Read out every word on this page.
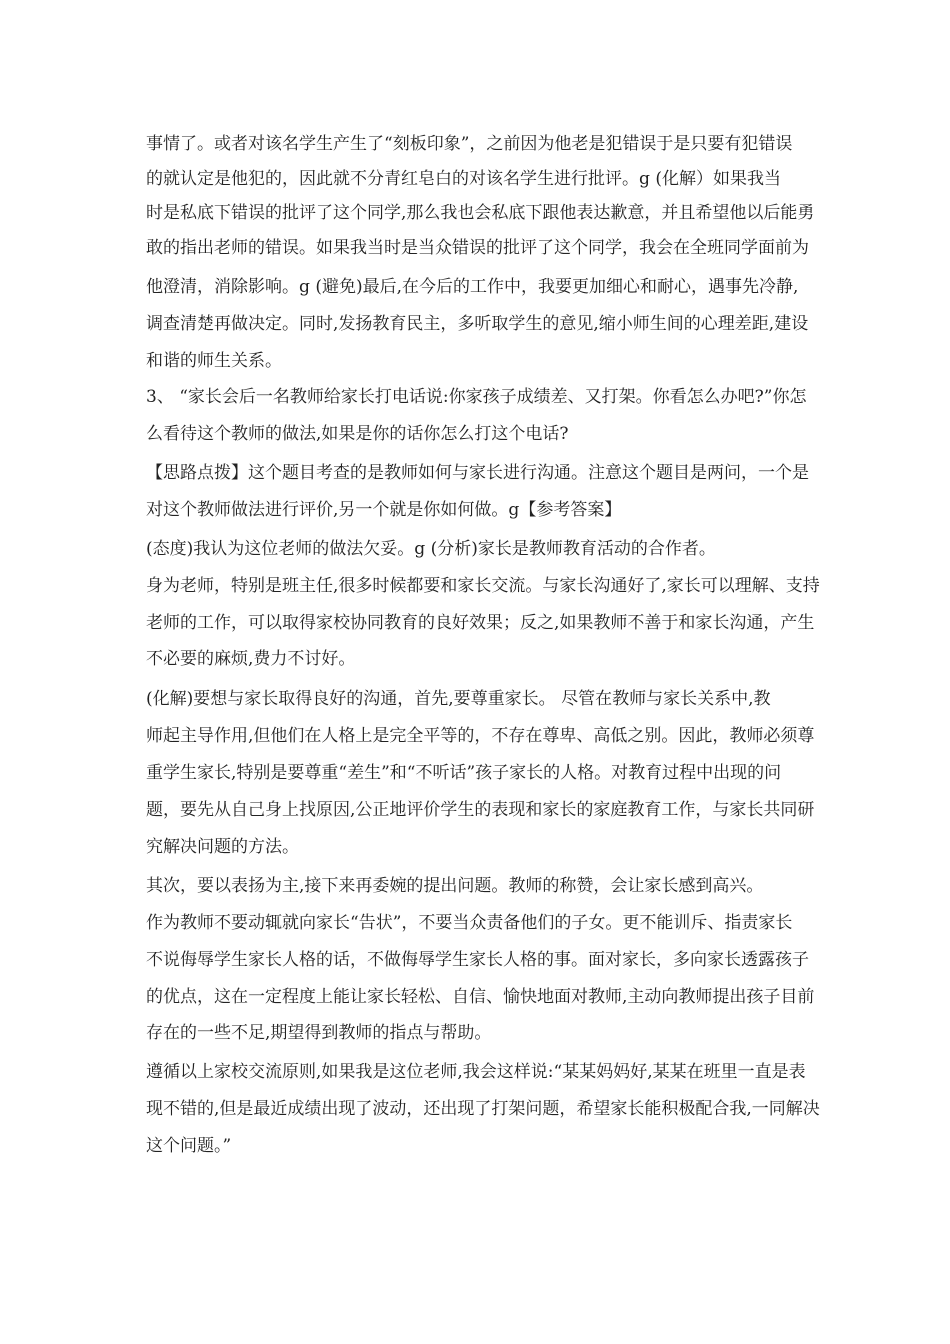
事情了。或者对该名学生产生了“刻板印象”，之前因为他老是犯错误于是只要有犯错误
的就认定是他犯的，因此就不分青红皂白的对该名学生进行批评。ց (化解）如果我当
时是私底下错误的批评了这个同学,那么我也会私底下跟他表达歉意，并且希望他以后能勇
敢的指出老师的错误。如果我当时是当众错误的批评了这个同学，我会在全班同学面前为
他澄清，消除影响。ց (避免)最后,在今后的工作中，我要更加细心和耐心，遇事先冷静,
调查清楚再做决定。同时,发扬教育民主，多听取学生的意见,缩小师生间的心理差距,建设
和谐的师生关系。
3、 “家长会后一名教师给家长打电话说:你家孩子成绩差、又打架。你看怎么办吧?”你怎
么看待这个教师的做法,如果是你的话你怎么打这个电话?
【思路点拨】这个题目考查的是教师如何与家长进行沟通。注意这个题目是两问，一个是
对这个教师做法进行评价,另一个就是你如何做。ց【参考答案】
(态度)我认为这位老师的做法欠妥。ց (分析)家长是教师教育活动的合作者。
身为老师，特别是班主任,很多时候都要和家长交流。与家长沟通好了,家长可以理解、支持
老师的工作，可以取得家校协同教育的良好效果；反之,如果教师不善于和家长沟通，产生
不必要的麻烦,费力不讨好。
(化解)要想与家长取得良好的沟通，首先,要尊重家长。 尽管在教师与家长关系中,教
师起主导作用,但他们在人格上是完全平等的，不存在尊卑、高低之别。因此，教师必须尊
重学生家长,特别是要尊重“差生”和“不听话”孩子家长的人格。对教育过程中出现的问
题，要先从自己身上找原因,公正地评价学生的表现和家长的家庭教育工作，与家长共同研
究解决问题的方法。
其次，要以表扬为主,接下来再委婉的提出问题。教师的称赞，会让家长感到高兴。
作为教师不要动辄就向家长“告状”，不要当众责备他们的子女。更不能训斥、指责家长
不说侮辱学生家长人格的话，不做侮辱学生家长人格的事。面对家长，多向家长透露孩子
的优点，这在一定程度上能让家长轻松、自信、愉快地面对教师,主动向教师提出孩子目前
存在的一些不足,期望得到教师的指点与帮助。
遵循以上家校交流原则,如果我是这位老师,我会这样说:“某某妈妈好,某某在班里一直是表
现不错的,但是最近成绩出现了波动，还出现了打架问题，希望家长能积极配合我,一同解决
这个问题。”
